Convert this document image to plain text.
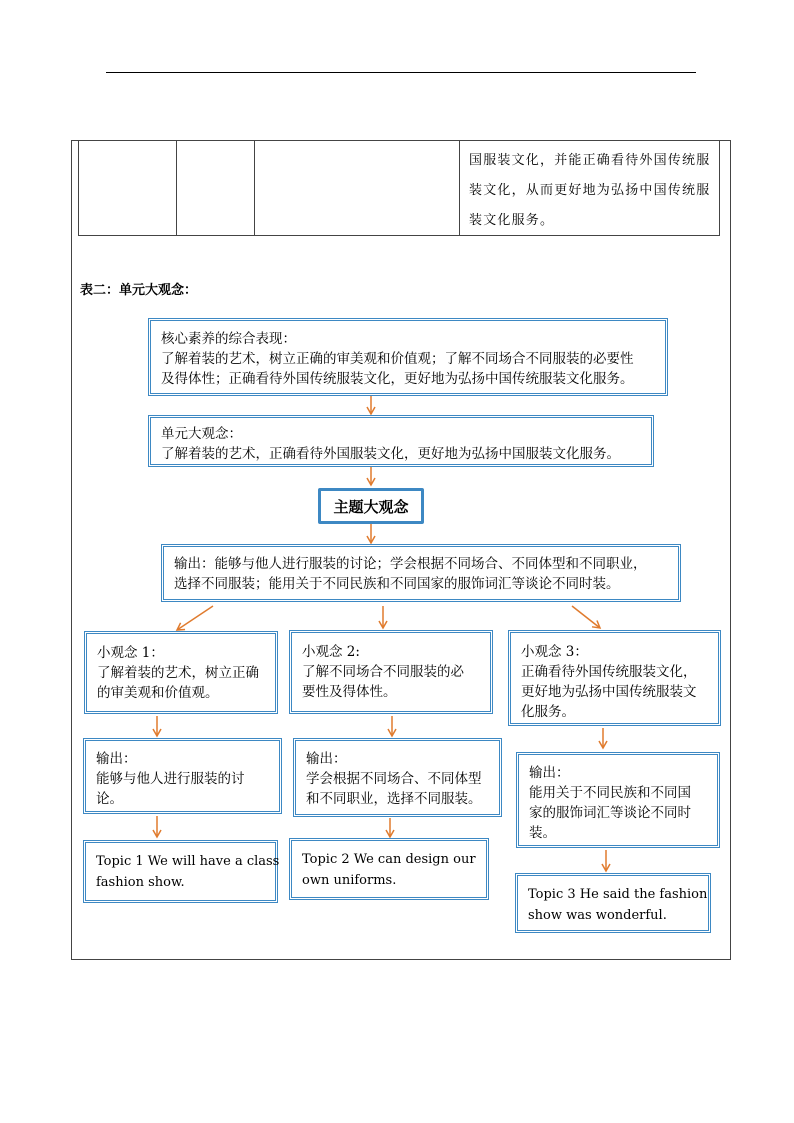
国服装文化，并能正确看待外国传统服 装文化，从而更好地为弘扬中国传统服 装文化服务。

表二：单元大观念：
核心素养的综合表现：
了解着装的艺术，树立正确的审美观和价值观；了解不同场合不同服装的必要性
及得体性；正确看待外国传统服装文化，更好地为弘扬中国传统服装文化服务。
单元大观念：
了解着装的艺术，正确看待外国服装文化，更好地为弘扬中国服装文化服务。
主题大观念
输出：能够与他人进行服装的讨论；学会根据不同场合、不同体型和不同职业，
选择不同服装；能用关于不同民族和不同国家的服饰词汇等谈论不同时装。
小观念 1：
了解着装的艺术，树立正确
的审美观和价值观。
小观念 2:
了解不同场合不同服装的必
要性及得体性。
小观念 3：
正确看待外国传统服装文化，
更好地为弘扬中国传统服装文
化服务。
输出：
能够与他人进行服装的讨
论。
输出：
学会根据不同场合、不同体型
和不同职业，选择不同服装。
输出：
能用关于不同民族和不同国
家的服饰词汇等谈论不同时
装。
Topic 1 We will have a class
fashion show.
Topic 2 We can design our
own uniforms.
Topic 3 He said the fashion
show was wonderful.
